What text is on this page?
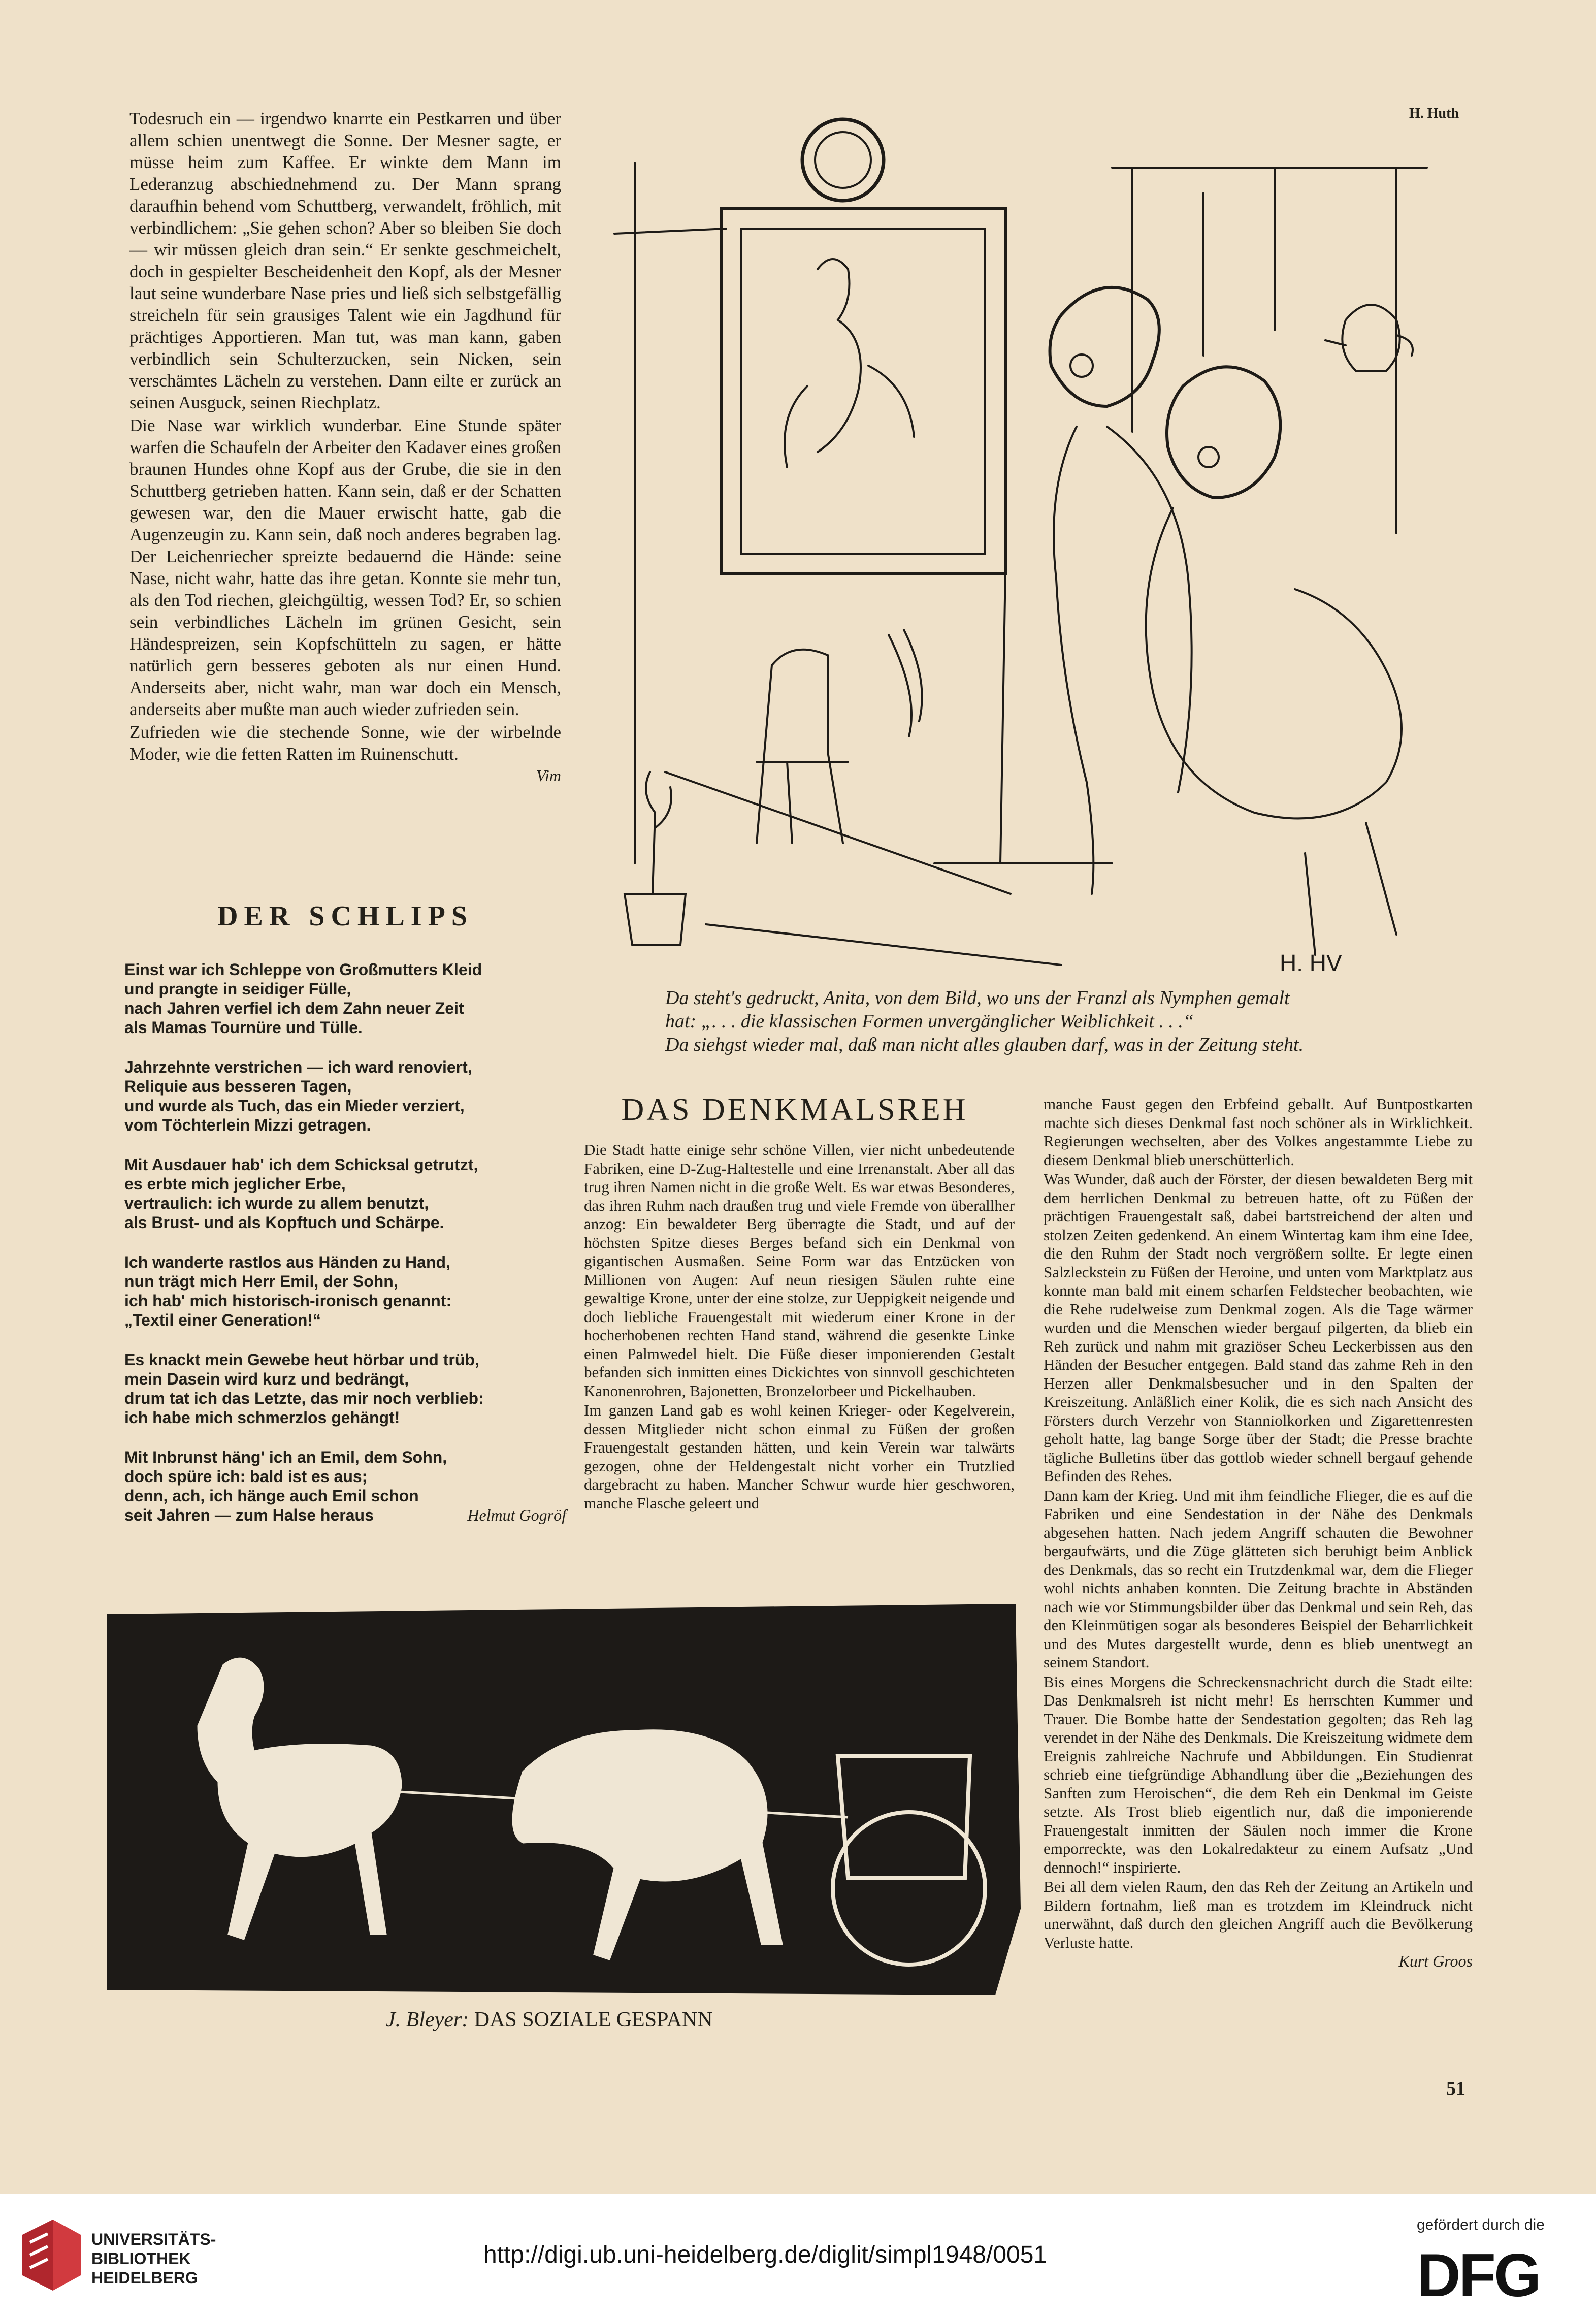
Todesruch ein — irgendwo knarrte ein Pestkarren und über allem schien unentwegt die Sonne. Der Mesner sagte, er müsse heim zum Kaffee. Er winkte dem Mann im Lederanzug abschiednehmend zu. Der Mann sprang daraufhin behend vom Schuttberg, verwandelt, fröhlich, mit verbindlichem: „Sie gehen schon? Aber so bleiben Sie doch — wir müssen gleich dran sein.“ Er senkte geschmeichelt, doch in gespielter Bescheidenheit den Kopf, als der Mesner laut seine wunderbare Nase pries und ließ sich selbstgefällig streicheln für sein grausiges Talent wie ein Jagdhund für prächtiges Apportieren. Man tut, was man kann, gaben verbindlich sein Schulterzucken, sein Nicken, sein verschämtes Lächeln zu verstehen. Dann eilte er zurück an seinen Ausguck, seinen Riechplatz.

Die Nase war wirklich wunderbar. Eine Stunde später warfen die Schaufeln der Arbeiter den Kadaver eines großen braunen Hundes ohne Kopf aus der Grube, die sie in den Schuttberg getrieben hatten. Kann sein, daß er der Schatten gewesen war, den die Mauer erwischt hatte, gab die Augenzeugin zu. Kann sein, daß noch anderes begraben lag. Der Leichenriecher spreizte bedauernd die Hände: seine Nase, nicht wahr, hatte das ihre getan. Konnte sie mehr tun, als den Tod riechen, gleichgültig, wessen Tod? Er, so schien sein verbindliches Lächeln im grünen Gesicht, sein Händespreizen, sein Kopfschütteln zu sagen, er hätte natürlich gern besseres geboten als nur einen Hund. Anderseits aber, nicht wahr, man war doch ein Mensch, anderseits aber mußte man auch wieder zufrieden sein.

Zufrieden wie die stechende Sonne, wie der wirbelnde Moder, wie die fetten Ratten im Ruinenschutt.

Vim
DER SCHLIPS
Einst war ich Schleppe von Großmutters Kleid
und prangte in seidiger Fülle,
nach Jahren verfiel ich dem Zahn neuer Zeit
als Mamas Tournüre und Tülle.
Jahrzehnte verstrichen — ich ward renoviert,
Reliquie aus besseren Tagen,
und wurde als Tuch, das ein Mieder verziert,
vom Töchterlein Mizzi getragen.
Mit Ausdauer hab' ich dem Schicksal getrutzt,
es erbte mich jeglicher Erbe,
vertraulich: ich wurde zu allem benutzt,
als Brust- und als Kopftuch und Schärpe.
Ich wanderte rastlos aus Händen zu Hand,
nun trägt mich Herr Emil, der Sohn,
ich hab' mich historisch-ironisch genannt:
„Textil einer Generation!“
Es knackt mein Gewebe heut hörbar und trüb,
mein Dasein wird kurz und bedrängt,
drum tat ich das Letzte, das mir noch verblieb:
ich habe mich schmerzlos gehängt!
Mit Inbrunst häng' ich an Emil, dem Sohn,
doch spüre ich: bald ist es aus;
denn, ach, ich hänge auch Emil schon
seit Jahren — zum Halse heraus	Helmut Gogröf
H. HV
H. Huth
Da steht's gedruckt, Anita, von dem Bild, wo uns der Franzl als Nymphen gemalt
hat: „. . . die klassischen Formen unvergänglicher Weiblichkeit . . .“
Da siehgst wieder mal, daß man nicht alles glauben darf, was in der Zeitung steht.
DAS DENKMALSREH

Die Stadt hatte einige sehr schöne Villen, vier nicht unbedeutende Fabriken, eine D-Zug-Haltestelle und eine Irrenanstalt. Aber all das trug ihren Namen nicht in die große Welt. Es war etwas Besonderes, das ihren Ruhm nach draußen trug und viele Fremde von überallher anzog: Ein bewaldeter Berg überragte die Stadt, und auf der höchsten Spitze dieses Berges befand sich ein Denkmal von gigantischen Ausmaßen. Seine Form war das Entzücken von Millionen von Augen: Auf neun riesigen Säulen ruhte eine gewaltige Krone, unter der eine stolze, zur Ueppigkeit neigende und doch liebliche Frauengestalt mit wiederum einer Krone in der hocherhobenen rechten Hand stand, während die gesenkte Linke einen Palmwedel hielt. Die Füße dieser imponierenden Gestalt befanden sich inmitten eines Dickichtes von sinnvoll geschichteten Kanonenrohren, Bajonetten, Bronzelorbeer und Pickelhauben.

Im ganzen Land gab es wohl keinen Krieger- oder Kegelverein, dessen Mitglieder nicht schon einmal zu Füßen der großen Frauengestalt gestanden hätten, und kein Verein war talwärts gezogen, ohne der Heldengestalt nicht vorher ein Trutzlied dargebracht zu haben. Mancher Schwur wurde hier geschworen, manche Flasche geleert und

manche Faust gegen den Erbfeind geballt. Auf Buntpostkarten machte sich dieses Denkmal fast noch schöner als in Wirklichkeit. Regierungen wechselten, aber des Volkes angestammte Liebe zu diesem Denkmal blieb unerschütterlich.

Was Wunder, daß auch der Förster, der diesen bewaldeten Berg mit dem herrlichen Denkmal zu betreuen hatte, oft zu Füßen der prächtigen Frauengestalt saß, dabei bartstreichend der alten und stolzen Zeiten gedenkend. An einem Wintertag kam ihm eine Idee, die den Ruhm der Stadt noch vergrößern sollte. Er legte einen Salzleckstein zu Füßen der Heroine, und unten vom Marktplatz aus konnte man bald mit einem scharfen Feldstecher beobachten, wie die Rehe rudelweise zum Denkmal zogen. Als die Tage wärmer wurden und die Menschen wieder bergauf pilgerten, da blieb ein Reh zurück und nahm mit graziöser Scheu Leckerbissen aus den Händen der Besucher entgegen. Bald stand das zahme Reh in den Herzen aller Denkmalsbesucher und in den Spalten der Kreiszeitung. Anläßlich einer Kolik, die es sich nach Ansicht des Försters durch Verzehr von Stanniolkorken und Zigarettenresten geholt hatte, lag bange Sorge über der Stadt; die Presse brachte tägliche Bulletins über das gottlob wieder schnell bergauf gehende Befinden des Rehes.

Dann kam der Krieg. Und mit ihm feindliche Flieger, die es auf die Fabriken und eine Sendestation in der Nähe des Denkmals abgesehen hatten. Nach jedem Angriff schauten die Bewohner bergaufwärts, und die Züge glätteten sich beruhigt beim Anblick des Denkmals, das so recht ein Trutzdenkmal war, dem die Flieger wohl nichts anhaben konnten. Die Zeitung brachte in Abständen nach wie vor Stimmungsbilder über das Denkmal und sein Reh, das den Kleinmütigen sogar als besonderes Beispiel der Beharrlichkeit und des Mutes dargestellt wurde, denn es blieb unentwegt an seinem Standort.

Bis eines Morgens die Schreckensnachricht durch die Stadt eilte: Das Denkmalsreh ist nicht mehr! Es herrschten Kummer und Trauer. Die Bombe hatte der Sendestation gegolten; das Reh lag verendet in der Nähe des Denkmals. Die Kreiszeitung widmete dem Ereignis zahlreiche Nachrufe und Abbildungen. Ein Studienrat schrieb eine tiefgründige Abhandlung über die „Beziehungen des Sanften zum Heroischen“, die dem Reh ein Denkmal im Geiste setzte. Als Trost blieb eigentlich nur, daß die imponierende Frauengestalt inmitten der Säulen noch immer die Krone emporreckte, was den Lokalredakteur zu einem Aufsatz „Und dennoch!“ inspirierte.

Bei all dem vielen Raum, den das Reh der Zeitung an Artikeln und Bildern fortnahm, ließ man es trotzdem im Kleindruck nicht unerwähnt, daß durch den gleichen Angriff auch die Bevölkerung Verluste hatte.

Kurt Groos
J. Bleyer: DAS SOZIALE GESPANN
51
UNIVERSITÄTS-
BIBLIOTHEK
HEIDELBERG
http://digi.ub.uni-heidelberg.de/diglit/simpl1948/0051
gefördert durch die
DFG
